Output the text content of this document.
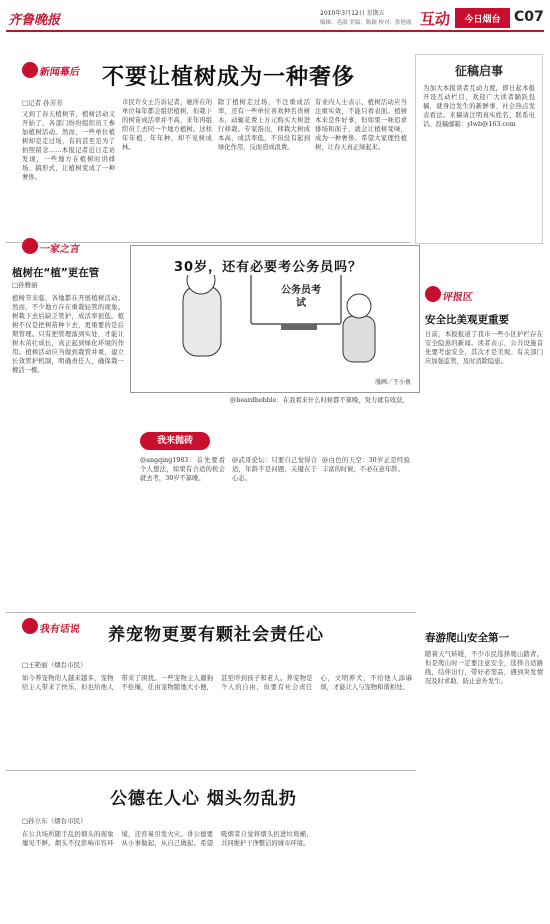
齐鲁晚报	2010年3月12日 星期五
编辑：毛淑 美编：陈颖 校对：张艳霞 互动	今日烟台 C07
新闻幕后 不要让植树成为一种奢侈
□记者 孙芳芳
又到了春天植树节，植树活动又开始了，各部门纷纷组织员工参加植树活动。然而，一些单位植树却是走过场，有的甚至是为了拍照留念……本报记者近日走访发现，一些地方在植树时讲排场、搞形式，让植树变成了一种奢侈。
市民许女士告诉记者，她所在的单位每年都会组织植树，但栽下的树苗成活率并不高，来年再组织员工去同一个地方植树。这样年年植、年年种，却不见树成林。
除了植树走过场，不注重成活率，还有一些单位喜欢种名贵树木，动辄花费上万元购买大树进行移栽。专家指出，移栽大树成本高、成活率低，不但没有起到绿化作用，反而造成浪费。
有业内人士表示，植树活动应当注重实效，不能只看表面。植树本来是件好事，但如果一味追求排场和面子，就会让植树变味，成为一种奢侈。希望大家理性植树，让春天真正绿起来。
征稿启事
为加大本报读者互动力度，即日起本报开设互动栏目，欢迎广大读者踊跃投稿，就身边发生的新鲜事、社会热点发表看法。来稿请注明真实姓名、联系电话。投稿邮箱：ylwb@163.com
一家之言
植树在“植”更在管
□孙雅丽
植树节来临，各地都在开展植树活动。然而，不少地方存在重栽轻管的现象。树栽下去后缺乏管护，成活率很低。植树不仅是把树苗种下去，更重要的是后期管理。只有把管理落到实处，才能让树木茁壮成长，真正起到绿化环境的作用。植树活动应当做到栽管并重，建立长效管护机制，明确责任人，确保栽一棵活一棵。
公务员考试
漫画／王小鱼
30岁，还有必要考公务员吗？
我来抛砖
@angqing1983：首先要看个人想法，如果有合适的机会就去考，30岁不算晚。
@武哥论坛：只要自己觉得合适，年龄不是问题，关键在于心态。
@白色的天空：30岁正是经验丰富的时候，不必在意年龄。
@beardbobble：在我看来什么时候都不算晚，努力就有收获。
评报区
安全比美观更重要
日前，本报报道了我市一些小区护栏存在安全隐患的新闻。读者表示，公共设施首先要考虑安全，其次才是美观。有关部门应加强监管，及时消除隐患。
春游爬山安全第一
随着天气转暖，不少市民选择爬山踏青。但是爬山时一定要注意安全，选择合适路线，结伴出行，带好必需品，遇到突发情况及时求助，防止意外发生。
我有话说 养宠物更要有颗社会责任心
□王艳丽（烟台市民）
如今养宠物的人越来越多，宠物给主人带来了快乐，但也给他人带来了困扰。一些宠物主人遛狗不拴绳，任由宠物随地大小便，甚至吓到孩子和老人。养宠物是个人的自由，但要有社会责任心，文明养犬，不给他人添麻烦，才能让人与宠物和谐相处。
公德在人心 烟头勿乱扔
□孙立东（烟台市民）
在公共场所随手乱扔烟头的现象屡见不鲜。烟头不仅影响市容环境，还容易引发火灾。讲公德要从小事做起，从自己做起。希望吸烟者自觉将烟头扔进垃圾桶，共同维护干净整洁的城市环境。
